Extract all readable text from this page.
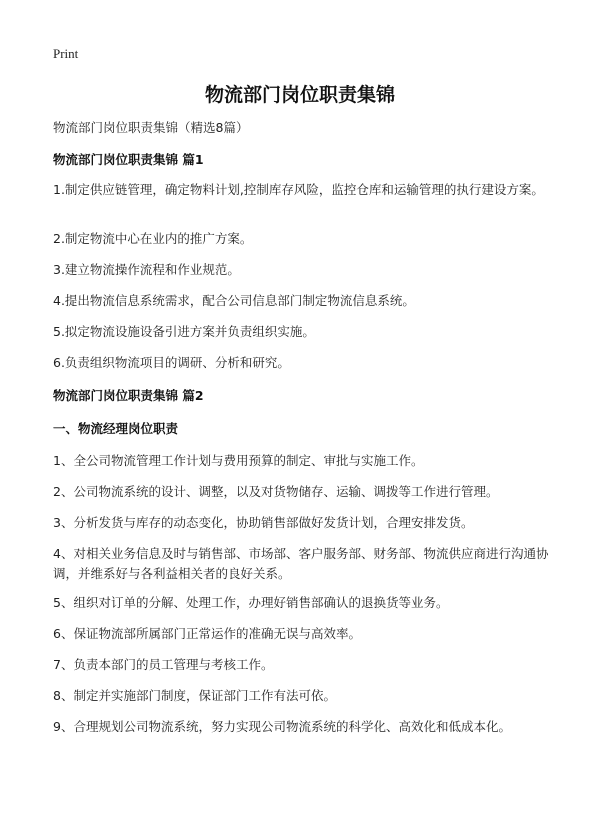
Print
物流部门岗位职责集锦
物流部门岗位职责集锦（精选8篇）
物流部门岗位职责集锦 篇1
1.制定供应链管理，确定物料计划,控制库存风险，监控仓库和运输管理的执行建设方案。
2.制定物流中心在业内的推广方案。
3.建立物流操作流程和作业规范。
4.提出物流信息系统需求，配合公司信息部门制定物流信息系统。
5.拟定物流设施设备引进方案并负责组织实施。
6.负责组织物流项目的调研、分析和研究。
物流部门岗位职责集锦 篇2
一、物流经理岗位职责
1、全公司物流管理工作计划与费用预算的制定、审批与实施工作。
2、公司物流系统的设计、调整，以及对货物储存、运输、调拨等工作进行管理。
3、分析发货与库存的动态变化，协助销售部做好发货计划，合理安排发货。
4、对相关业务信息及时与销售部、市场部、客户服务部、财务部、物流供应商进行沟通协调，并维系好与各利益相关者的良好关系。
5、组织对订单的分解、处理工作，办理好销售部确认的退换货等业务。
6、保证物流部所属部门正常运作的准确无误与高效率。
7、负责本部门的员工管理与考核工作。
8、制定并实施部门制度，保证部门工作有法可依。
9、合理规划公司物流系统，努力实现公司物流系统的科学化、高效化和低成本化。
